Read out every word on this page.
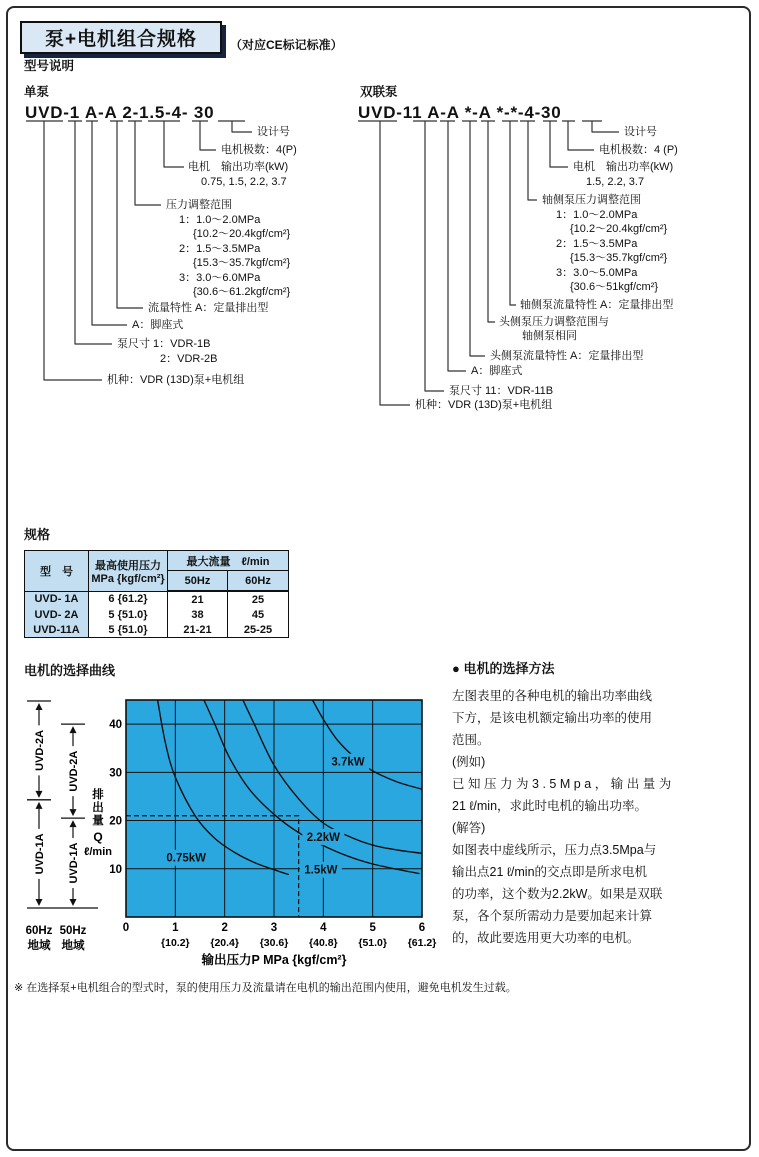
泵+电机组合规格	（对应CE标记标准）
型号说明
单泵	双联泵
UVD-1 A-A 2-1.5-4- 30	UVD-11 A-A *-A *-*-4-30
设计号
电机极数：4(P)
电机　输出功率(kW)
0.75, 1.5, 2.2, 3.7
压力调整范围
1：1.0～2.0MPa
{10.2～20.4kgf/cm²}
2：1.5～3.5MPa
{15.3～35.7kgf/cm²}
3：3.0～6.0MPa
{30.6～61.2kgf/cm²}
流量特性 A：定量排出型
A：脚座式
泵尺寸 1：VDR-1B
2：VDR-2B
机种：VDR (13D)泵+电机组
设计号
电机极数：4 (P)
电机　输出功率(kW)
1.5, 2.2, 3.7
轴侧泵压力调整范围
1：1.0～2.0MPa
{10.2～20.4kgf/cm²}
2：1.5～3.5MPa
{15.3～35.7kgf/cm²}
3：3.0～5.0MPa
{30.6～51kgf/cm²}
轴侧泵流量特性 A：定量排出型
头侧泵压力调整范围与
轴侧泵相同
头侧泵流量特性 A：定量排出型
A：脚座式
泵尺寸 11：VDR-11B
机种：VDR (13D)泵+电机组
规格
型　号	最高使用压力
MPa {kgf/cm²}	最大流量　ℓ/min	
		50Hz	60Hz
UVD- 1A	6 {61.2}	21	25
UVD- 2A	5 {51.0}	38	45
UVD-11A	5 {51.0}	21-21	25-25
电机的选择曲线
0.75kW
1.5kW
2.2kW
3.7kW
10
20
30
40
排
出
量
Q
ℓ/min
0	1	2	3	4	5	6
{10.2} {20.4} {30.6} {40.8} {51.0} {61.2}
输出压力P MPa {kgf/cm²}
UVD-2A
UVD-1A
60Hz
地域
UVD-2A
UVD-1A
50Hz
地域
● 电机的选择方法
左图表里的各种电机的输出功率曲线
下方，是该电机额定输出功率的使用
范围。
(例如)
已知压力为3.5Mpa，输出量为
21 ℓ/min，求此时电机的输出功率。
(解答)
如图表中虚线所示，压力点3.5Mpa与
输出点21 ℓ/min的交点即是所求电机
的功率，这个数为2.2kW。如果是双联
泵，各个泵所需动力是要加起来计算
的，故此要选用更大功率的电机。
※ 在选择泵+电机组合的型式时，泵的使用压力及流量请在电机的输出范围内使用，避免电机发生过载。
